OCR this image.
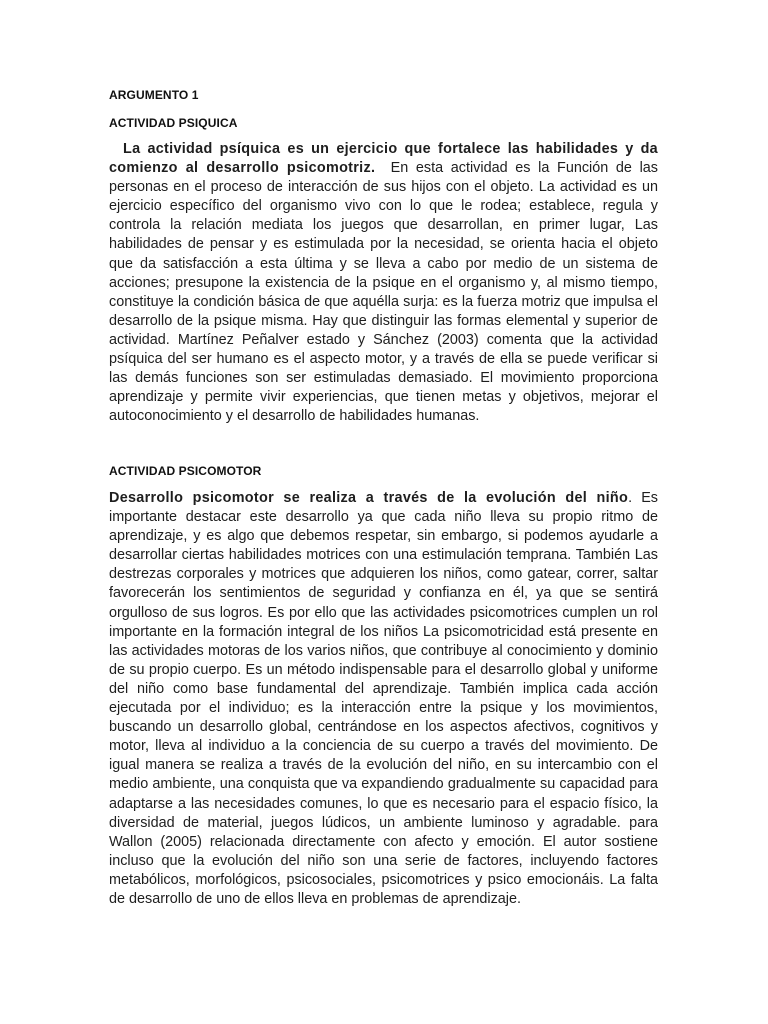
ARGUMENTO 1
ACTIVIDAD PSIQUICA

La actividad psíquica es un ejercicio que fortalece las habilidades y da comienzo al desarrollo psicomotriz. En esta actividad es la Función de las personas en el proceso de interacción de sus hijos con el objeto. La actividad es un ejercicio específico del organismo vivo con lo que le rodea; establece, regula y controla la relación mediata los juegos que desarrollan, en primer lugar, Las habilidades de pensar y es estimulada por la necesidad, se orienta hacia el objeto que da satisfacción a esta última y se lleva a cabo por medio de un sistema de acciones; presupone la existencia de la psique en el organismo y, al mismo tiempo, constituye la condición básica de que aquélla surja: es la fuerza motriz que impulsa el desarrollo de la psique misma. Hay que distinguir las formas elemental y superior de actividad. Martínez Peñalver estado y Sánchez (2003) comenta que la actividad psíquica del ser humano es el aspecto motor, y a través de ella se puede verificar si las demás funciones son ser estimuladas demasiado. El movimiento proporciona aprendizaje y permite vivir experiencias, que tienen metas y objetivos, mejorar el autoconocimiento y el desarrollo de habilidades humanas.

ACTIVIDAD PSICOMOTOR

Desarrollo psicomotor se realiza a través de la evolución del niño. Es importante destacar este desarrollo ya que cada niño lleva su propio ritmo de aprendizaje, y es algo que debemos respetar, sin embargo, si podemos ayudarle a desarrollar ciertas habilidades motrices con una estimulación temprana. También Las destrezas corporales y motrices que adquieren los niños, como gatear, correr, saltar favorecerán los sentimientos de seguridad y confianza en él, ya que se sentirá orgulloso de sus logros. Es por ello que las actividades psicomotrices cumplen un rol importante en la formación integral de los niños La psicomotricidad está presente en las actividades motoras de los varios niños, que contribuye al conocimiento y dominio de su propio cuerpo. Es un método indispensable para el desarrollo global y uniforme del niño como base fundamental del aprendizaje. También implica cada acción ejecutada por el individuo; es la interacción entre la psique y los movimientos, buscando un desarrollo global, centrándose en los aspectos afectivos, cognitivos y motor, lleva al individuo a la conciencia de su cuerpo a través del movimiento. De igual manera se realiza a través de la evolución del niño, en su intercambio con el medio ambiente, una conquista que va expandiendo gradualmente su capacidad para adaptarse a las necesidades comunes, lo que es necesario para el espacio físico, la diversidad de material, juegos lúdicos, un ambiente luminoso y agradable. para Wallon (2005) relacionada directamente con afecto y emoción. El autor sostiene incluso que la evolución del niño son una serie de factores, incluyendo factores metabólicos, morfológicos, psicosociales, psicomotrices y psico emocionáis. La falta de desarrollo de uno de ellos lleva en problemas de aprendizaje.
